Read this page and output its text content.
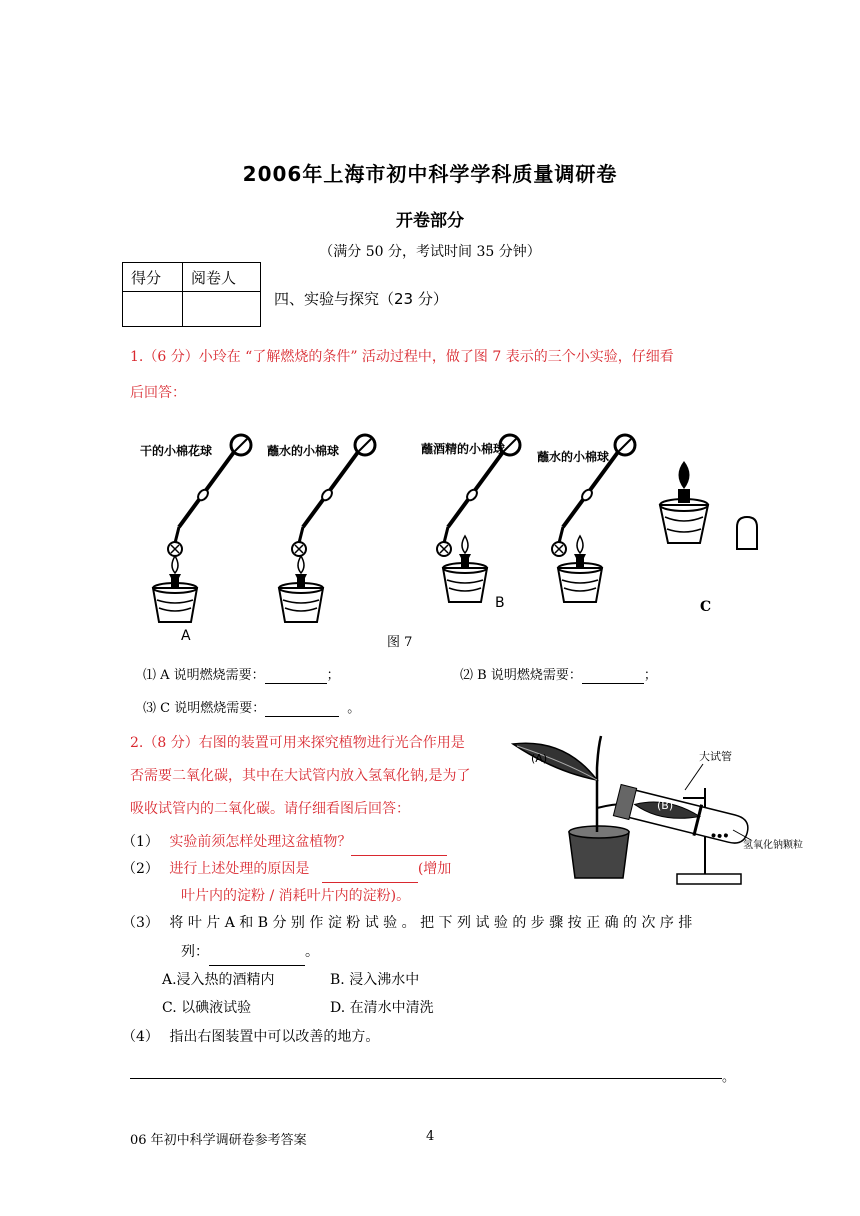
2006年上海市初中科学学科质量调研卷
开卷部分
（满分 50 分，考试时间 35 分钟）
得分	阅卷人

四、实验与探究（23 分）
1.（6 分）小玲在 “了解燃烧的条件” 活动过程中，做了图 7 表示的三个小实验，仔细看
后回答：
干的小棉花球	蘸水的小棉球	蘸酒精的小棉球
蘸水的小棉球
A
B	C
图 7
⑴ A 说明燃烧需要：	；	⑵ B 说明燃烧需要：	；
⑶ C 说明燃烧需要：	。
2.（8 分）右图的装置可用来探究植物进行光合作用是
否需要二氧化碳，其中在大试管内放入氢氧化钠,是为了
吸收试管内的二氧化碳。请仔细看图后回答：
（1） 实验前须怎样处理这盆植物？
（2） 进行上述处理的原因是	(增加
叶片内的淀粉 / 消耗叶片内的淀粉)。
（3） 将 叶 片 A 和 B 分 别 作 淀 粉 试 验 。 把 下 列 试 验 的 步 骤 按 正 确 的 次 序 排
列：	。
A.浸入热的酒精内	B. 浸入沸水中
C. 以碘液试验	D. 在清水中清洗
（4） 指出右图装置中可以改善的地方。
。
(A)
(B)
大试管
氢氧化钠颗粒
06 年初中科学调研卷参考答案	4
